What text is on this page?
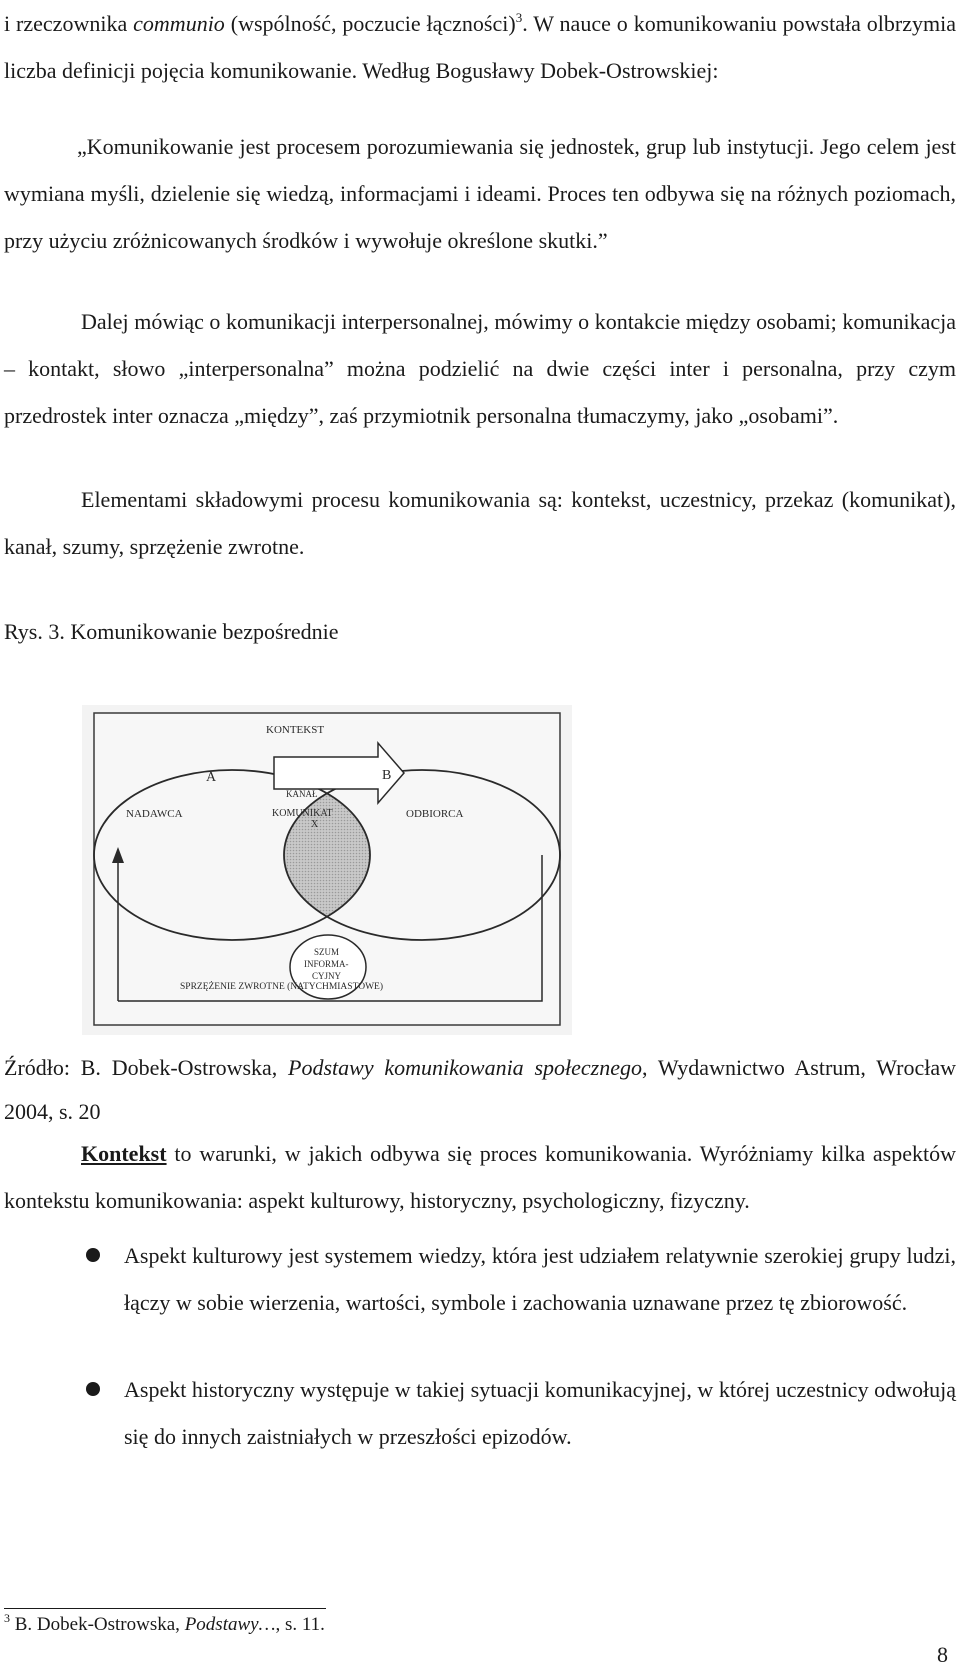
i rzeczownika communio (wspólność, poczucie łączności)$^3$. W nauce o komunikowaniu powstała olbrzymia liczba definicji pojęcia komunikowanie. Według Bogusławy Dobek-Ostrowskiej:

„Komunikowanie jest procesem porozumiewania się jednostek, grup lub instytucji. Jego celem jest wymiana myśli, dzielenie się wiedzą, informacjami i ideami. Proces ten odbywa się na różnych poziomach, przy użyciu zróżnicowanych środków i wywołuje określone skutki.”

Dalej mówiąc o komunikacji interpersonalnej, mówimy o kontakcie między osobami; komunikacja – kontakt, słowo „interpersonalna” można podzielić na dwie części inter i personalna, przy czym przedrostek inter oznacza „między”, zaś przymiotnik personalna tłumaczymy, jako „osobami”.

Elementami składowymi procesu komunikowania są: kontekst, uczestnicy, przekaz (komunikat), kanał, szumy, sprzężenie zwrotne.

Rys. 3. Komunikowanie bezpośrednie

KONTEKST
A	B
NADAWCA	ODBIORCA
KANAŁ
KOMUNIKAT
X
SZUM
INFORMA-
CYJNY
SPRZĘŻENIE ZWROTNE (NATYCHMIASTOWE)

Źródło: B. Dobek-Ostrowska, Podstawy komunikowania społecznego, Wydawnictwo Astrum, Wrocław 2004, s. 20

Kontekst to warunki, w jakich odbywa się proces komunikowania. Wyróżniamy kilka aspektów kontekstu komunikowania: aspekt kulturowy, historyczny, psychologiczny, fizyczny.

Aspekt kulturowy jest systemem wiedzy, która jest udziałem relatywnie szerokiej grupy ludzi, łączy w sobie wierzenia, wartości, symbole i zachowania uznawane przez tę zbiorowość.

Aspekt historyczny występuje w takiej sytuacji komunikacyjnej, w której uczestnicy odwołują się do innych zaistniałych w przeszłości epizodów.

$^3$ B. Dobek-Ostrowska, Podstawy…, s. 11.

8
